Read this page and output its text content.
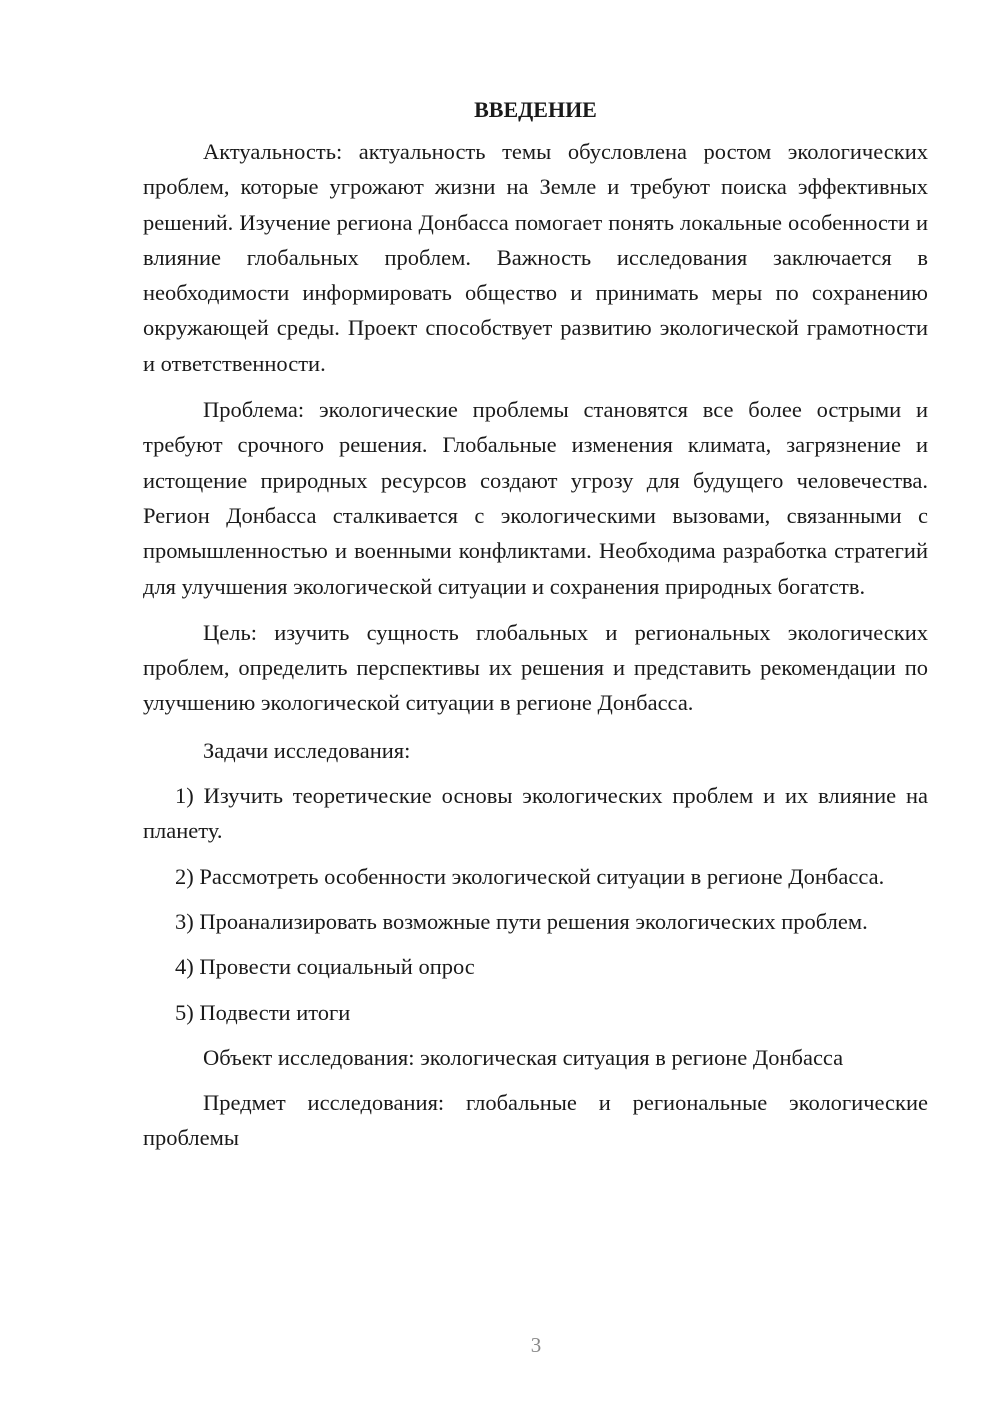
ВВЕДЕНИЕ

Актуальность: актуальность темы обусловлена ростом экологических проблем, которые угрожают жизни на Земле и требуют поиска эффективных решений. Изучение региона Донбасса помогает понять локальные особенности и влияние глобальных проблем. Важность исследования заключается в необходимости информировать общество и принимать меры по сохранению окружающей среды. Проект способствует развитию экологической грамотности и ответственности.

Проблема: экологические проблемы становятся все более острыми и требуют срочного решения. Глобальные изменения климата, загрязнение и истощение природных ресурсов создают угрозу для будущего человечества. Регион Донбасса сталкивается с экологическими вызовами, связанными с промышленностью и военными конфликтами. Необходима разработка стратегий для улучшения экологической ситуации и сохранения природных богатств.

Цель: изучить сущность глобальных и региональных экологических проблем, определить перспективы их решения и представить рекомендации по улучшению экологической ситуации в регионе Донбасса.

Задачи исследования:

1) Изучить теоретические основы экологических проблем и их влияние на планету.

2) Рассмотреть особенности экологической ситуации в регионе Донбасса.

3) Проанализировать возможные пути решения экологических проблем.

4) Провести социальный опрос

5) Подвести итоги

Объект исследования: экологическая ситуация в регионе Донбасса

Предмет исследования: глобальные и региональные экологические проблемы

3
